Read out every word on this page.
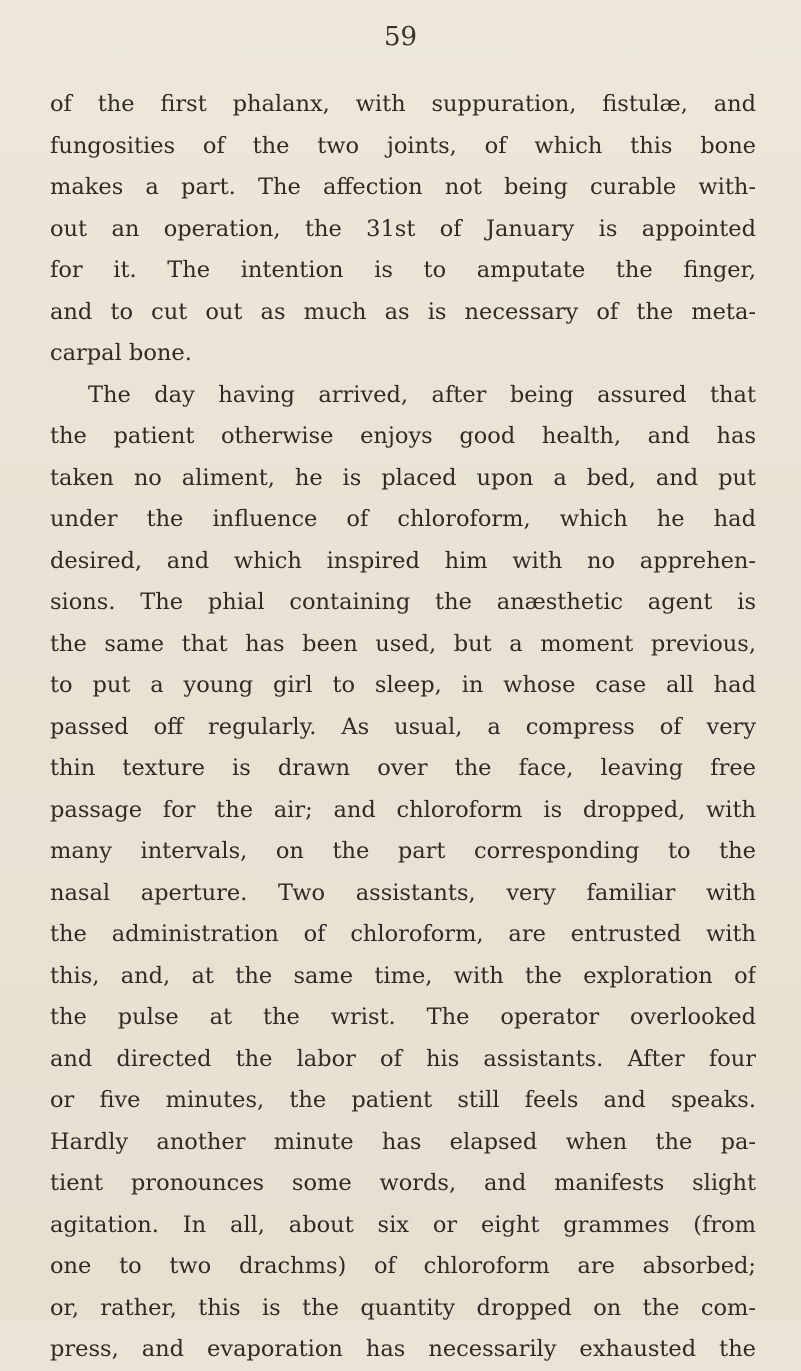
59
of the first phalanx, with suppuration, fistulæ, and
fungosities of the two joints, of which this bone
makes a part. The affection not being curable with-
out an operation, the 31st of January is appointed
for it. The intention is to amputate the finger,
and to cut out as much as is necessary of the meta-
carpal bone.
The day having arrived, after being assured that
the patient otherwise enjoys good health, and has
taken no aliment, he is placed upon a bed, and put
under the influence of chloroform, which he had
desired, and which inspired him with no apprehen-
sions. The phial containing the anæsthetic agent is
the same that has been used, but a moment previous,
to put a young girl to sleep, in whose case all had
passed off regularly. As usual, a compress of very
thin texture is drawn over the face, leaving free
passage for the air; and chloroform is dropped, with
many intervals, on the part corresponding to the
nasal aperture. Two assistants, very familiar with
the administration of chloroform, are entrusted with
this, and, at the same time, with the exploration of
the pulse at the wrist. The operator overlooked
and directed the labor of his assistants. After four
or five minutes, the patient still feels and speaks.
Hardly another minute has elapsed when the pa-
tient pronounces some words, and manifests slight
agitation. In all, about six or eight grammes (from
one to two drachms) of chloroform are absorbed;
or, rather, this is the quantity dropped on the com-
press, and evaporation has necessarily exhausted the
